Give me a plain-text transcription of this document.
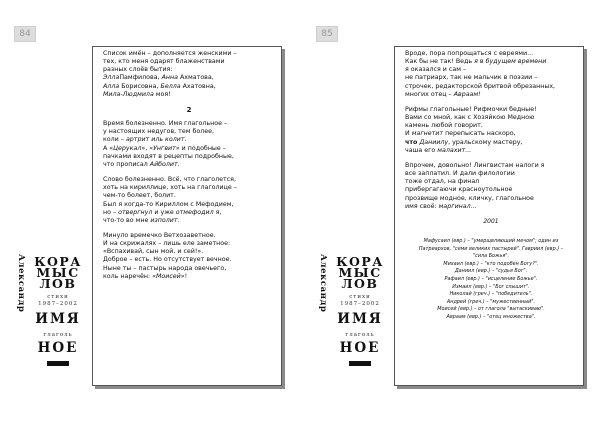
84

Список имён – дополняется женскими –
тех, кто меня одарят блаженствами
разных слоёв бытия:
ЭллаПамфилова, Анна Ахматова,
Алла Борисовна, Белла Ахатовна,
Мила-Людмила моя!

2

Время болезненно. Имя глагольное –
у настоящих недугов, тем более,
коли – артрит иль колит.
А «Церукал», «Унгвит» и подобные –
пачками входят в рецепты подробные,
что прописал Айболит.

Слово болезненно. Всё, что глаголется,
хоть на кириллице, хоть на глаголице –
чем-то болеет, болит.
Был я когда-то Кириллом с Мефодием,
но – отвергнул и уже отмефодил я,
что-то во мне изполит.

Минуло времечко Ветхозаветное.
И на скрижалях – лишь еле заметное:
«Вспахивай, сын мой, и сей!».
Доброе – есть. Но отсутствует вечное.
Ныне ты – пастырь народа овечьего,
коль наречён: «Моисей»!

Александр КОРА
МЫС
ЛОВ
стихи
1987–2002
ИМЯ
глаголь
НОЕ
85

Вроде, пора попрощаться с евреями...
Как бы не так! Ведь я в будущем времени
я оказался и сам –
не патриарх, так не мальчик в поэзии –
строчек, редакторской бритвой обрезанных,
многих отец – Авраам!

Рифмы глагольные! Рифмочки бедные!
Вами со мной, как с Хозяйкою Медною
камень любой говорит.
И магнетит перепысать наскоро,
что Даниилу, уральскому мастеру,
чаша его малахит...

Впрочем, довольно! Лингвистам налоги я
все заплатил. И дали филологии
тоже отдал, на финал
прибергагаючи красноутольное
прозвище модное, кличку, глагольное
имя своё: маргинал...

2001
Мафусаил (евр.) – "умерщвляющий мечом"; один из
Патриархов, "семи великих пастырей". Гавриил (евр.) –
"сила Божья".
Михаил (евр.) – "кто подобен Богу?".
Даниил (евр.) – "судья Бог".
Рафаил (евр.) – "исцеление Божье".
Измаил (евр.) – "Бог слышит".
Николай (греч.) – "победитель".
Андрей (греч.) – "мужественный".
Моисей (евр.) – от глагола "вытаскиваю".
Авраам (евр.) – "отец множества".
Александр КОРА
МЫС
ЛОВ
стихи
1987–2002
ИМЯ
глаголь
НОЕ
